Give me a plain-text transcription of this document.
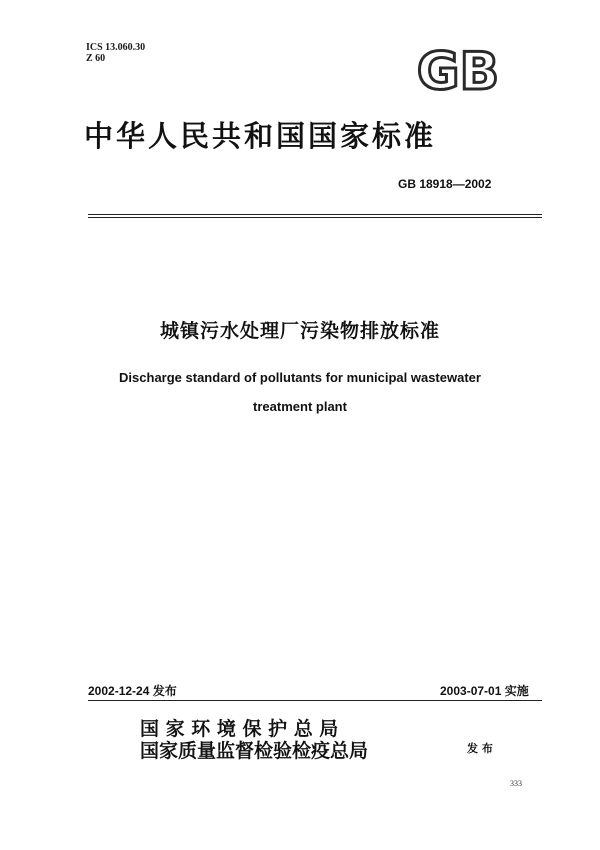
ICS 13.060.30
Z 60	GB
中华人民共和国国家标准
GB 18918—2002
城镇污水处理厂污染物排放标准
Discharge standard of pollutants for municipal wastewater
treatment plant
2002-12-24 发布	2003-07-01 实施
国 家 环 境 保 护 总 局
国家质量监督检验检疫总局	发 布
333
